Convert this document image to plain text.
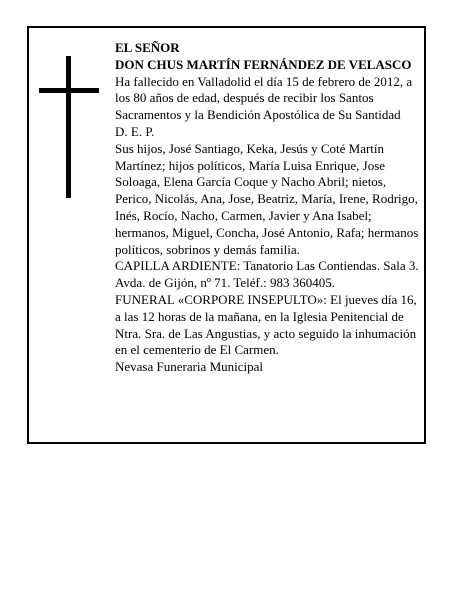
EL SEÑOR

DON CHUS MARTÍN FERNÁNDEZ DE VELASCO

Ha fallecido en Valladolid el día 15 de febrero de 2012, a los 80 años de edad, después de recibir los Santos Sacramentos y la Bendición Apostólica de Su Santidad

D. E. P.

Sus hijos, José Santiago, Keka, Jesús y Coté Martín Martínez; hijos políticos, María Luisa Enrique, Jose Soloaga, Elena García Coque y Nacho Abril; nietos, Perico, Nicolás, Ana, Jose, Beatriz, María, Irene, Rodrigo, Inés, Rocío, Nacho, Carmen, Javier y Ana Isabel; hermanos, Miguel, Concha, José Antonio, Rafa; hermanos políticos, sobrinos y demás familia.

CAPILLA ARDIENTE: Tanatorio Las Contiendas. Sala 3. Avda. de Gijón, nº 71. Teléf.: 983 360405.

FUNERAL «CORPORE INSEPULTO»: El jueves día 16, a las 12 horas de la mañana, en la Iglesia Penitencial de Ntra. Sra. de Las Angustias, y acto seguido la inhumación en el cementerio de El Carmen.

Nevasa Funeraria Municipal
